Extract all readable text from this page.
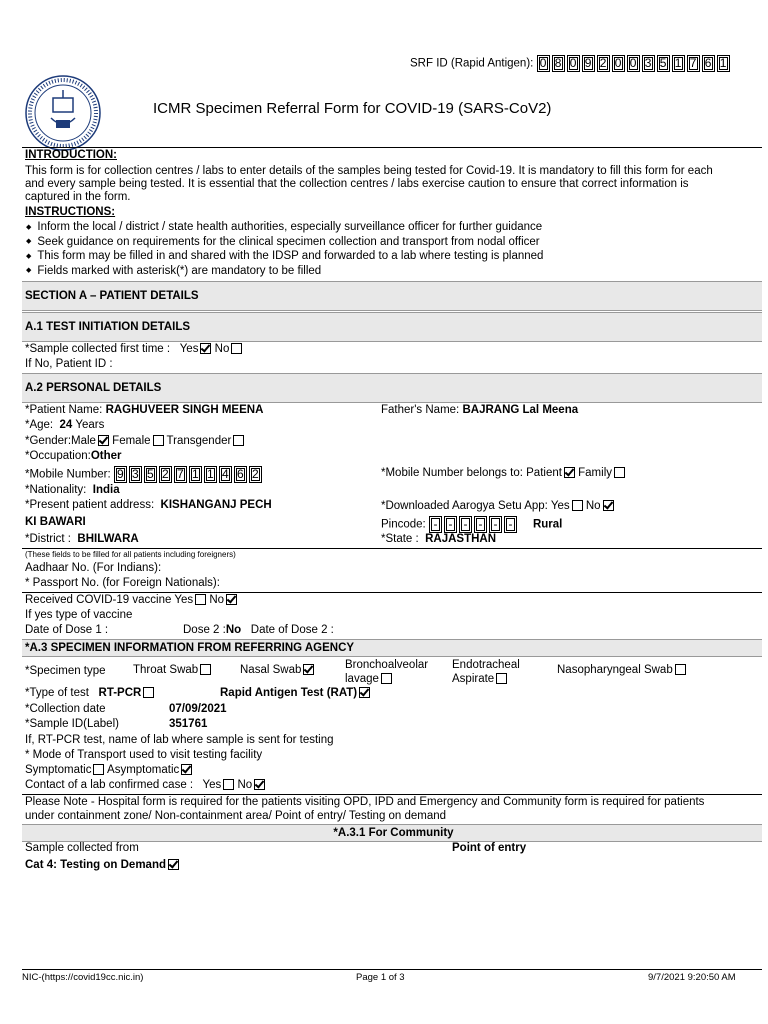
SRF ID (Rapid Antigen): 0 8 0 9 2 0 0 3 5 1 7 6 1
ICMR Specimen Referral Form for COVID-19 (SARS-CoV2)
INTRODUCTION:
This form is for collection centres / labs to enter details of the samples being tested for Covid-19. It is mandatory to fill this form for each
and every sample being tested. It is essential that the collection centres / labs exercise caution to ensure that correct information is
captured in the form.
INSTRUCTIONS:
◆ Inform the local / district / state health authorities, especially surveillance officer for further guidance
◆ Seek guidance on requirements for the clinical specimen collection and transport from nodal officer
◆ This form may be filled in and shared with the IDSP and forwarded to a lab where testing is planned
◆ Fields marked with asterisk(*) are mandatory to be filled
SECTION A – PATIENT DETAILS
A.1 TEST INITIATION DETAILS
*Sample collected first time : Yes No
If No, Patient ID :
A.2 PERSONAL DETAILS
*Patient Name: RAGHUVEER SINGH MEENA	Father's Name: BAJRANG Lal Meena
*Age: 24 Years
*Gender:Male Female Transgender
*Occupation:Other
*Mobile Number: 9 3 5 2 7 1 1 4 6 2	*Mobile Number belongs to: Patient Family
*Nationality: India
*Present patient address: KISHANGANJ PECH
KI BAWARI
*Downloaded Aarogya Setu App: Yes No
Pincode: - - - - - -	Rural
*District : BHILWARA	*State : RAJASTHAN
(These fields to be filled for all patients including foreigners)
Aadhaar No. (For Indians):
* Passport No. (for Foreign Nationals):
Received COVID-19 vaccine Yes No
If yes type of vaccine
Date of Dose 1 :	Dose 2 :No Date of Dose 2 :
*A.3 SPECIMEN INFORMATION FROM REFERRING AGENCY
*Specimen type Throat Swab	Nasal Swab	Bronchoalveolar
lavage
Endotracheal
Aspirate
Nasopharyngeal Swab
*Type of test RT-PCR	Rapid Antigen Test (RAT)
*Collection date	07/09/2021
*Sample ID(Label)	351761
If, RT-PCR test, name of lab where sample is sent for testing
* Mode of Transport used to visit testing facility
Symptomatic Asymptomatic
Contact of a lab confirmed case : Yes No
Please Note - Hospital form is required for the patients visiting OPD, IPD and Emergency and Community form is required for patients
under containment zone/ Non-containment area/ Point of entry/ Testing on demand
*A.3.1 For Community
Sample collected from	Point of entry
Cat 4: Testing on Demand
NIC-(https://covid19cc.nic.in)	Page 1 of 3	9/7/2021 9:20:50 AM
